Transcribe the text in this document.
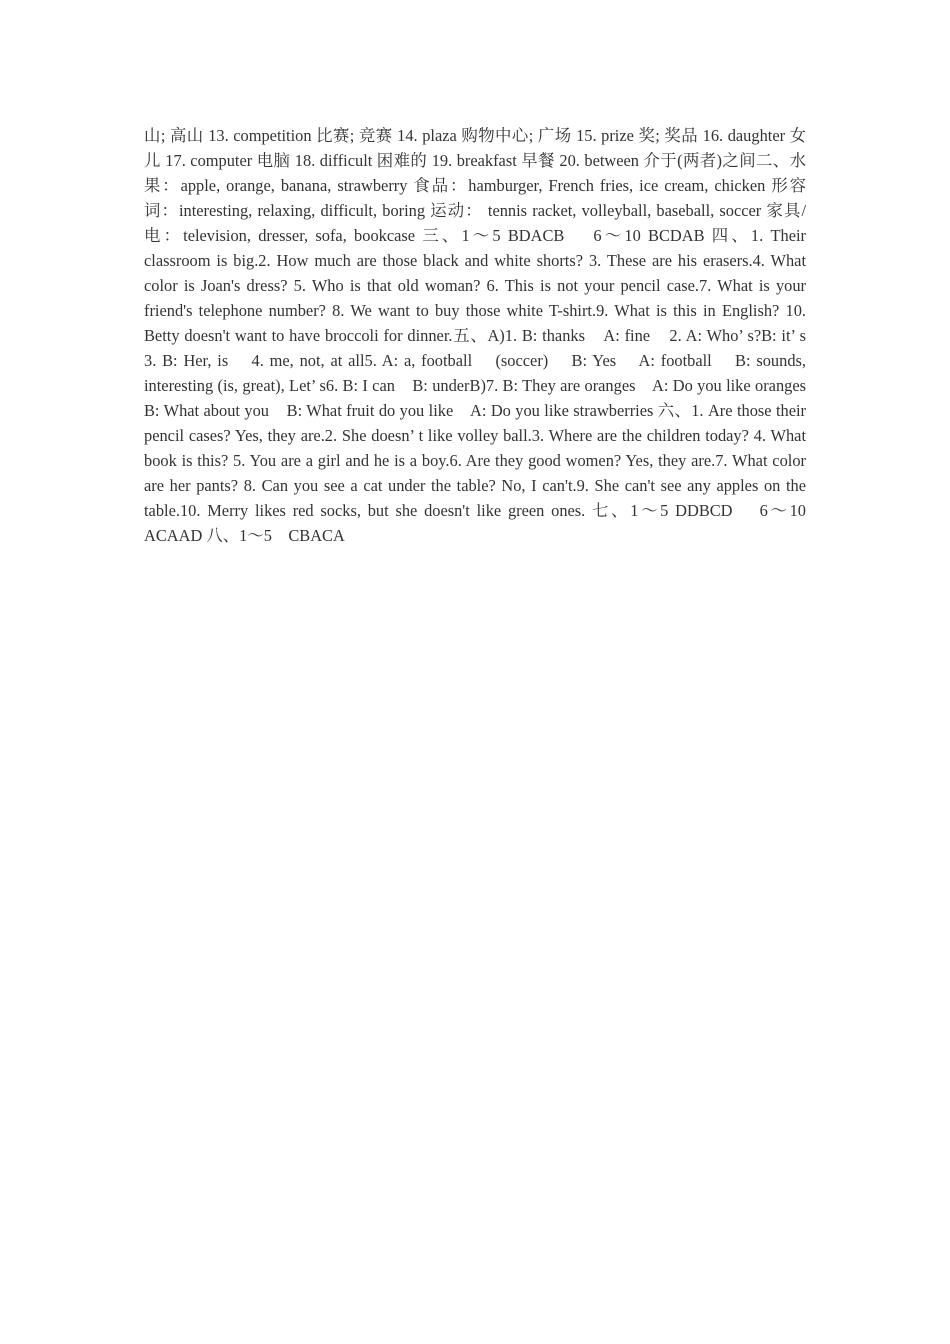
山; 高山 13. competition 比赛; 竞赛 14. plaza 购物中心; 广场 15. prize 奖; 奖品 16. daughter 女儿 17. computer 电脑 18. difficult 困难的 19. breakfast 早餐 20. between 介于(两者)之间二、水果：apple, orange, banana, strawberry 食品：hamburger, French fries, ice cream, chicken 形容词：interesting, relaxing, difficult, boring 运动： tennis racket, volleyball, baseball, soccer 家具/电：television, dresser, sofa, bookcase 三、1～5 BDACB    6～10 BCDAB 四、1. Their classroom is big.2. How much are those black and white shorts? 3. These are his erasers.4. What color is Joan's dress? 5. Who is that old woman? 6. This is not your pencil case.7. What is your friend's telephone number? 8. We want to buy those white T-shirt.9. What is this in English? 10. Betty doesn't want to have broccoli for dinner.五、A)1. B: thanks    A: fine    2. A: Who’ s?B: it’ s    3. B: Her, is    4. me, not, at all5. A: a, football    (soccer)    B: Yes    A: football    B: sounds, interesting (is, great), Let’ s6. B: I can    B: underB)7. B: They are oranges    A: Do you like oranges    B: What about you    B: What fruit do you like    A: Do you like strawberries 六、1. Are those their pencil cases? Yes, they are.2. She doesn’ t like volley ball.3. Where are the children today? 4. What book is this? 5. You are a girl and he is a boy.6. Are they good women? Yes, they are.7. What color are her pants? 8. Can you see a cat under the table? No, I can't.9. She can't see any apples on the table.10. Merry likes red socks, but she doesn't like green ones. 七、1～5 DDBCD    6～10 ACAAD 八、1～5    CBACA
